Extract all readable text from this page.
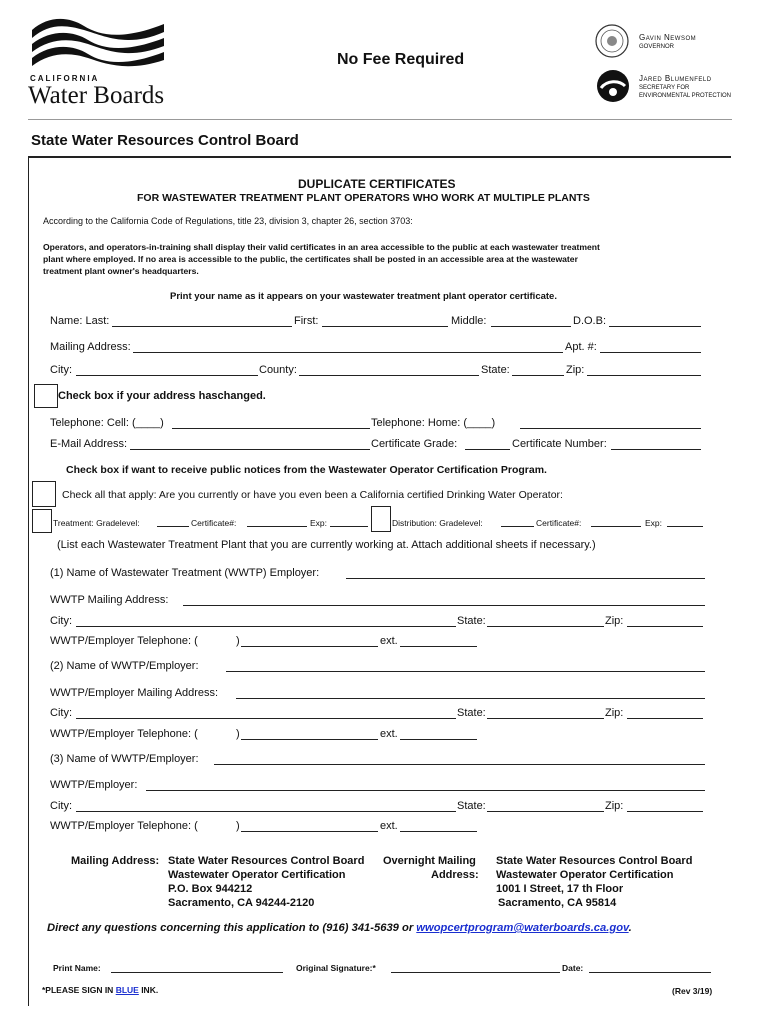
CALIFORNIA
Water Boards
No Fee Required
Gavin Newsom
GOVERNOR
Jared Blumenfeld
SECRETARY FOR
ENVIRONMENTAL PROTECTION
State Water Resources Control Board
DUPLICATE CERTIFICATES
FOR WASTEWATER TREATMENT PLANT OPERATORS WHO WORK AT MULTIPLE PLANTS
According to the California Code of Regulations, title 23, division 3, chapter 26, section 3703:
Operators, and operators-in-training shall display their valid certificates in an area accessible to the public at each wastewater treatment
plant where employed. If no area is accessible to the public, the certificates shall be posted in an accessible area at the wastewater
treatment plant owner's headquarters.
Print your name as it appears on your wastewater treatment plant operator certificate.
Name: Last:	First:	Middle:	D.O.B:
Mailing Address:	Apt. #:
City:	County:	State:	Zip:
Check box if your address haschanged.
Telephone: Cell: (____)	Telephone: Home: (____)
E-Mail Address:	Certificate Grade:	Certificate Number:
Check box if want to receive public notices from the Wastewater Operator Certification Program.
Check all that apply: Are you currently or have you even been a California certified Drinking Water Operator:
Treatment: Gradelevel:	Certificate#:	Exp:	Distribution: Gradelevel:	Certificate#:	Exp:
(List each Wastewater Treatment Plant that you are currently working at. Attach additional sheets if necessary.)
(1) Name of Wastewater Treatment (WWTP) Employer:
WWTP Mailing Address:
City:	State:	Zip:
WWTP/Employer Telephone: (	)	ext.
(2) Name of WWTP/Employer:
WWTP/Employer Mailing Address:
City:	State:	Zip:
WWTP/Employer Telephone: (	)	ext.
(3) Name of WWTP/Employer:
WWTP/Employer:
City:	State:	Zip:
WWTP/Employer Telephone: (	)	ext.
Mailing Address: State Water Resources Control Board
Wastewater Operator Certification
P.O. Box 944212
Sacramento, CA 94244-2120
Overnight Mailing
Address:
State Water Resources Control Board
Wastewater Operator Certification
1001 I Street, 17 th Floor
Sacramento, CA 95814
Direct any questions concerning this application to (916) 341-5639 or wwopcertprogram@waterboards.ca.gov.
Print Name:	Original Signature:*	Date:
*PLEASE SIGN IN BLUE INK.	(Rev 3/19)
